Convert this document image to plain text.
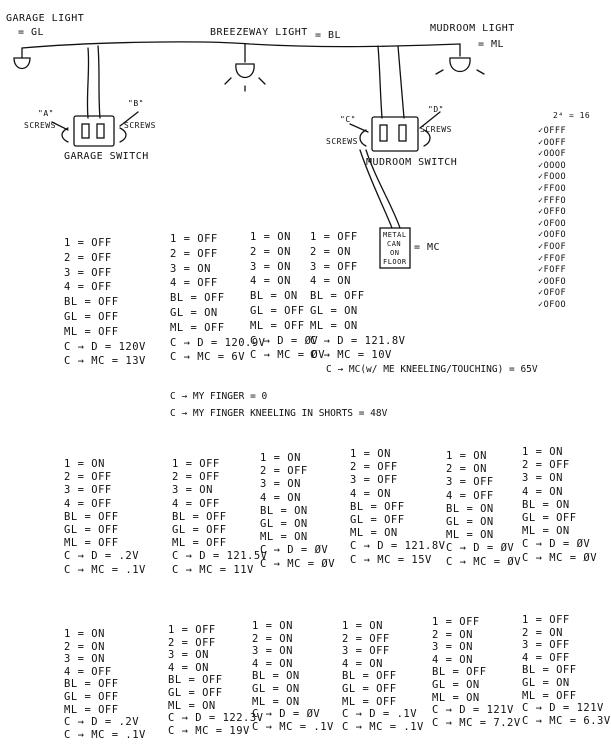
GARAGE LIGHT
= GL	BREEZEWAY LIGHT = BL
MUDROOM LIGHT
= ML
"A"
SCREWS
"B"
SCREWS
GARAGE SWITCH
"C"
SCREWS
"D"
SCREWS
MUDROOM SWITCH
METAL
CAN
ON
FLOOR
= MC
2⁴ = 16
✓OFFF
✓OOFF
✓OOOF
✓OOOO
✓FOOO
✓FFOO
✓FFFO
✓OFFO
✓OFOO
✓OOFO
✓FOOF
✓FFOF
✓FOFF
✓OOFO
✓OFOF
✓OFOO
1 = OFF
2 = OFF
3 = OFF
4 = OFF
BL = OFF
GL = OFF
ML = OFF
C → D = 120V
C → MC = 13V
1 = OFF
2 = OFF
3 = ON
4 = OFF
BL = OFF
GL = ON
ML = OFF
C → D = 120.9V
C → MC = 6V
1 = ON
2 = ON
3 = ON
4 = ON
BL = ON
GL = OFF
ML = OFF
C → D = ØV
C → MC = ØV
1 = OFF
2 = ON
3 = OFF
4 = ON
BL = OFF
GL = ON
ML = ON
C → D = 121.8V
C → MC = 10V
C → MC(w/ ME KNEELING/TOUCHING) = 65V
C → MY FINGER = 0
C → MY FINGER KNEELING IN SHORTS = 48V
1 = ON
2 = OFF
3 = OFF
4 = OFF
BL = OFF
GL = OFF
ML = OFF
C → D = .2V
C → MC = .1V
1 = OFF
2 = OFF
3 = ON
4 = OFF
BL = OFF
GL = OFF
ML = OFF
C → D = 121.5V
C → MC = 11V
1 = ON
2 = OFF
3 = ON
4 = ON
BL = ON
GL = ON
ML = ON
C → D = ØV
C → MC = ØV
1 = ON
2 = OFF
3 = OFF
4 = ON
BL = OFF
GL = OFF
ML = ON
C → D = 121.8V
C → MC = 15V
1 = ON
2 = ON
3 = OFF
4 = OFF
BL = ON
GL = ON
ML = ON
C → D = ØV
C → MC = ØV
1 = ON
2 = OFF
3 = ON
4 = ON
BL = ON
GL = OFF
ML = ON
C → D = ØV
C → MC = ØV
1 = ON
2 = ON
3 = ON
4 = OFF
BL = OFF
GL = OFF
ML = OFF
C → D = .2V
C → MC = .1V
1 = OFF
2 = OFF
3 = ON
4 = ON
BL = OFF
GL = OFF
ML = ON
C → D = 122.3V
C → MC = 19V
1 = ON
2 = ON
3 = ON
4 = ON
BL = ON
GL = ON
ML = ON
C → D = ØV
C → MC = .1V
1 = ON
2 = OFF
3 = OFF
4 = ON
BL = OFF
GL = OFF
ML = OFF
C → D = .1V
C → MC = .1V
1 = OFF
2 = ON
3 = ON
4 = ON
BL = OFF
GL = ON
ML = ON
C → D = 121V
C → MC = 7.2V
1 = OFF
2 = ON
3 = OFF
4 = OFF
BL = OFF
GL = ON
ML = OFF
C → D = 121V
C → MC = 6.3V
